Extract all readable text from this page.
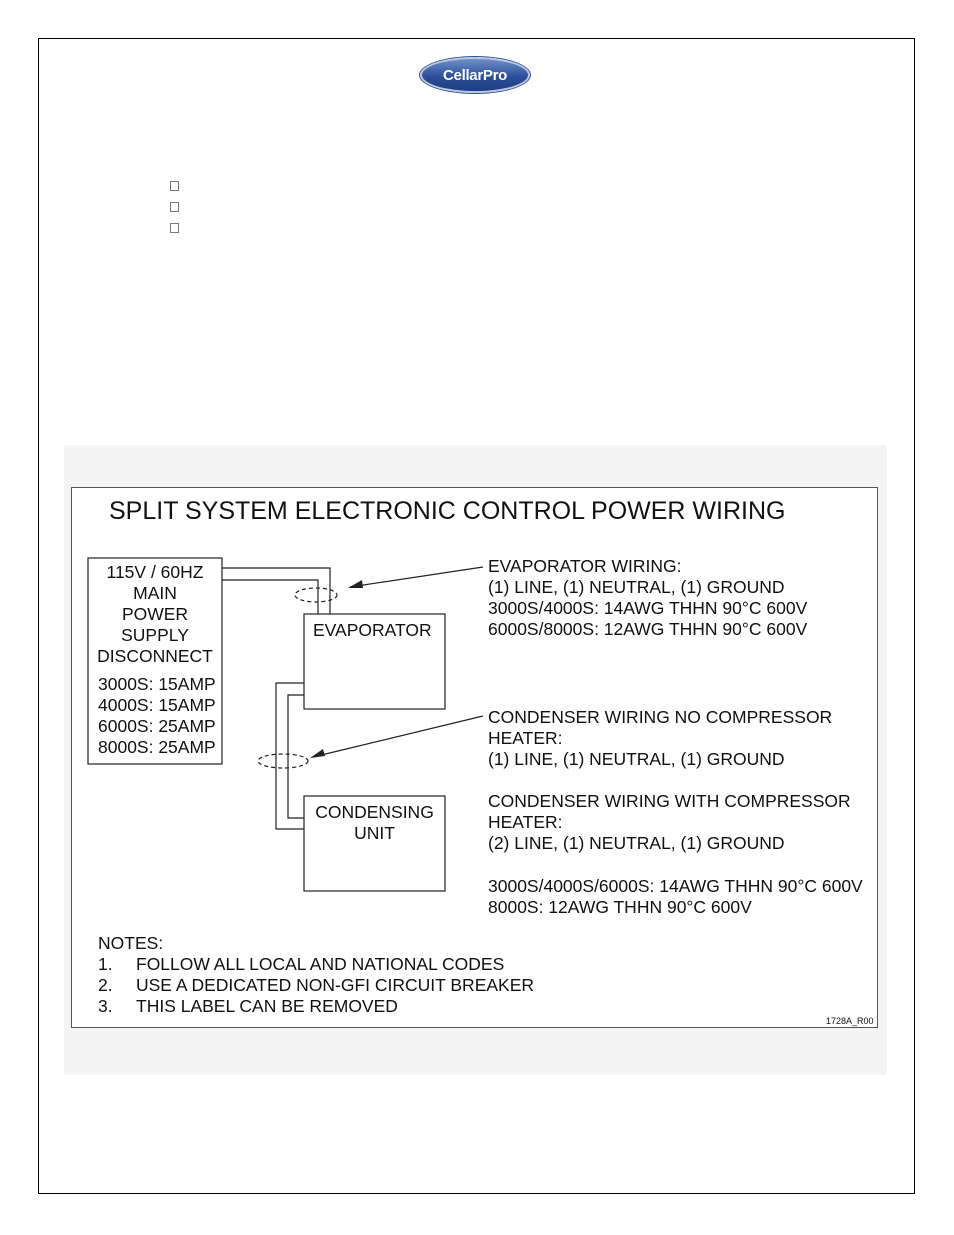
CellarPro
SPLIT SYSTEM ELECTRONIC CONTROL POWER WIRING
115V / 60HZ
MAIN
POWER
SUPPLY
DISCONNECT
3000S: 15AMP
4000S: 15AMP
6000S: 25AMP
8000S: 25AMP
EVAPORATOR
CONDENSING
UNIT
EVAPORATOR WIRING:
(1) LINE, (1) NEUTRAL, (1) GROUND
3000S/4000S: 14AWG THHN 90°C 600V
6000S/8000S: 12AWG THHN 90°C 600V
CONDENSER WIRING NO COMPRESSOR
HEATER:
(1) LINE, (1) NEUTRAL, (1) GROUND
CONDENSER WIRING WITH COMPRESSOR
HEATER:
(2) LINE, (1) NEUTRAL, (1) GROUND
3000S/4000S/6000S: 14AWG THHN 90°C 600V
8000S: 12AWG THHN 90°C 600V
NOTES:
1. FOLLOW ALL LOCAL AND NATIONAL CODES
2. USE A DEDICATED NON-GFI CIRCUIT BREAKER
3. THIS LABEL CAN BE REMOVED
1728A_R00
